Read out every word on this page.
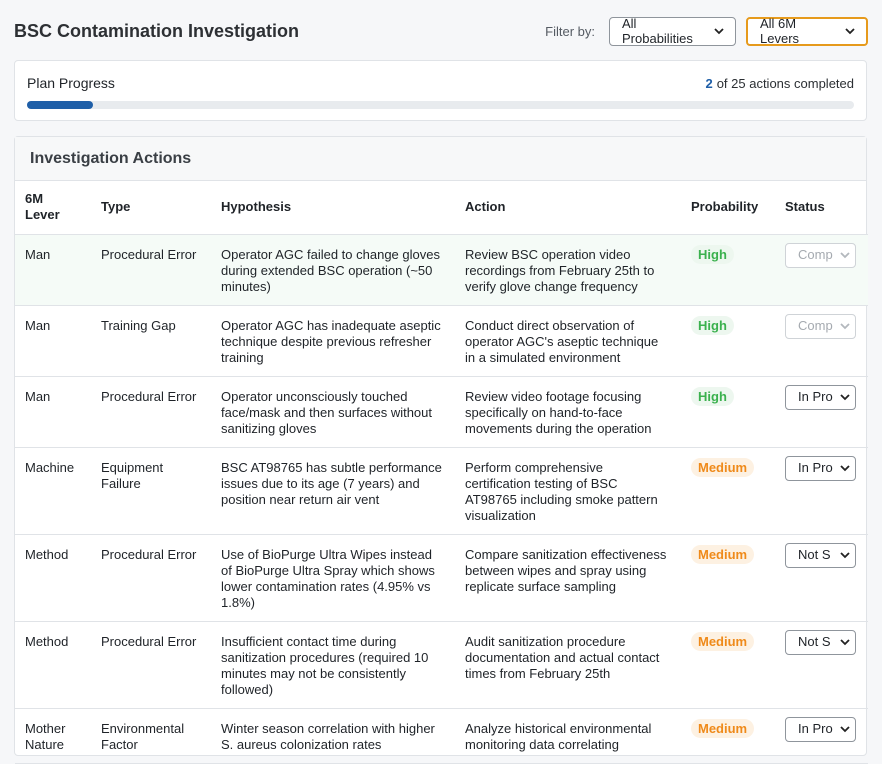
BSC Contamination Investigation	Filter by: All Probabilities
All 6M Levers
Plan Progress	2 of 25 actions completed
Investigation Actions
6M Lever	Type	Hypothesis	Action	Probability	Status
Man	Procedural Error	Operator AGC failed to change gloves during extended BSC operation (~50 minutes)	Review BSC operation video recordings from February 25th to verify glove change frequency	High	Comp

Man	Training Gap	Operator AGC has inadequate aseptic technique despite previous refresher training	Conduct direct observation of operator AGC's aseptic technique in a simulated environment	High	Comp

Man	Procedural Error	Operator unconsciously touched face/mask and then surfaces without sanitizing gloves	Review video footage focusing specifically on hand-to-face movements during the operation	High	In Pro

Machine	Equipment Failure	BSC AT98765 has subtle performance issues due to its age (7 years) and position near return air vent	Perform comprehensive certification testing of BSC AT98765 including smoke pattern visualization	Medium	In Pro

Method	Procedural Error	Use of BioPurge Ultra Wipes instead of BioPurge Ultra Spray which shows lower contamination rates (4.95% vs 1.8%)	Compare sanitization effectiveness between wipes and spray using replicate surface sampling	Medium	Not S

Method	Procedural Error	Insufficient contact time during sanitization procedures (required 10 minutes may not be consistently followed)	Audit sanitization procedure documentation and actual contact times from February 25th	Medium	Not S

Mother Nature	Environmental Factor	Winter season correlation with higher S. aureus colonization rates	Analyze historical environmental monitoring data correlating	Medium	In Pro
